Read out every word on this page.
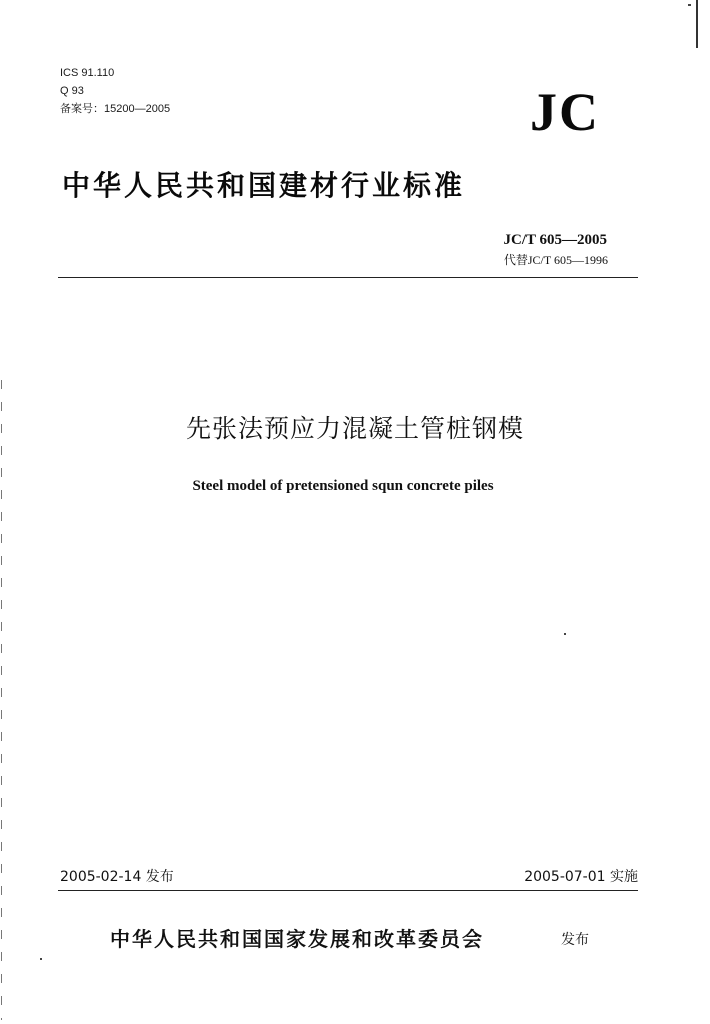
ICS 91.110
Q 93
备案号：15200—2005	JC
中华人民共和国建材行业标准
JC/T 605—2005
代替JC/T 605—1996
先张法预应力混凝土管桩钢模
Steel model of pretensioned squn concrete piles
2005-02-14 发布	2005-07-01 实施
中华人民共和国国家发展和改革委员会	发布
